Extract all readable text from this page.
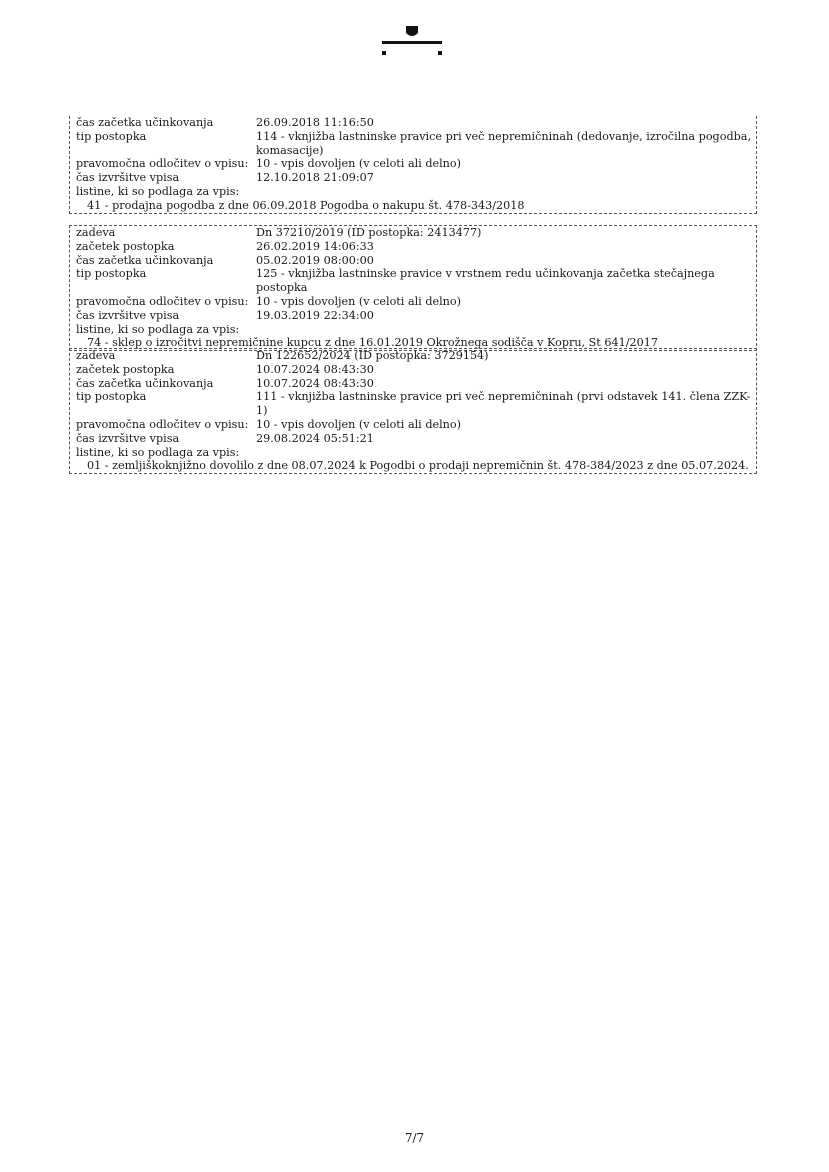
čas začetka učinkovanja	26.09.2018 11:16:50
tip postopka	114 - vknjižba lastninske pravice pri več nepremičninah (dedovanje, izročilna pogodba, komasacije)
pravomočna odločitev o vpisu: 10 - vpis dovoljen (v celoti ali delno)
čas izvršitve vpisa	12.10.2018 21:09:07
listine, ki so podlaga za vpis:
41 - prodajna pogodba z dne 06.09.2018 Pogodba o nakupu št. 478-343/2018
zadeva	Dn 37210/2019 (ID postopka: 2413477)
začetek postopka	26.02.2019 14:06:33
čas začetka učinkovanja	05.02.2019 08:00:00
tip postopka	125 - vknjižba lastninske pravice v vrstnem redu učinkovanja začetka stečajnega postopka
pravomočna odločitev o vpisu: 10 - vpis dovoljen (v celoti ali delno)
čas izvršitve vpisa	19.03.2019 22:34:00
listine, ki so podlaga za vpis:
74 - sklep o izročitvi nepremičnine kupcu z dne 16.01.2019 Okrožnega sodišča v Kopru, St 641/2017
zadeva	Dn 122652/2024 (ID postopka: 3729154)
začetek postopka	10.07.2024 08:43:30
čas začetka učinkovanja	10.07.2024 08:43:30
tip postopka	111 - vknjižba lastninske pravice pri več nepremičninah (prvi odstavek 141. člena ZZK-1)
pravomočna odločitev o vpisu: 10 - vpis dovoljen (v celoti ali delno)
čas izvršitve vpisa	29.08.2024 05:51:21
listine, ki so podlaga za vpis:
01 - zemljiškoknjižno dovolilo z dne 08.07.2024 k Pogodbi o prodaji nepremičnin št. 478-384/2023 z dne 05.07.2024.
7/7
